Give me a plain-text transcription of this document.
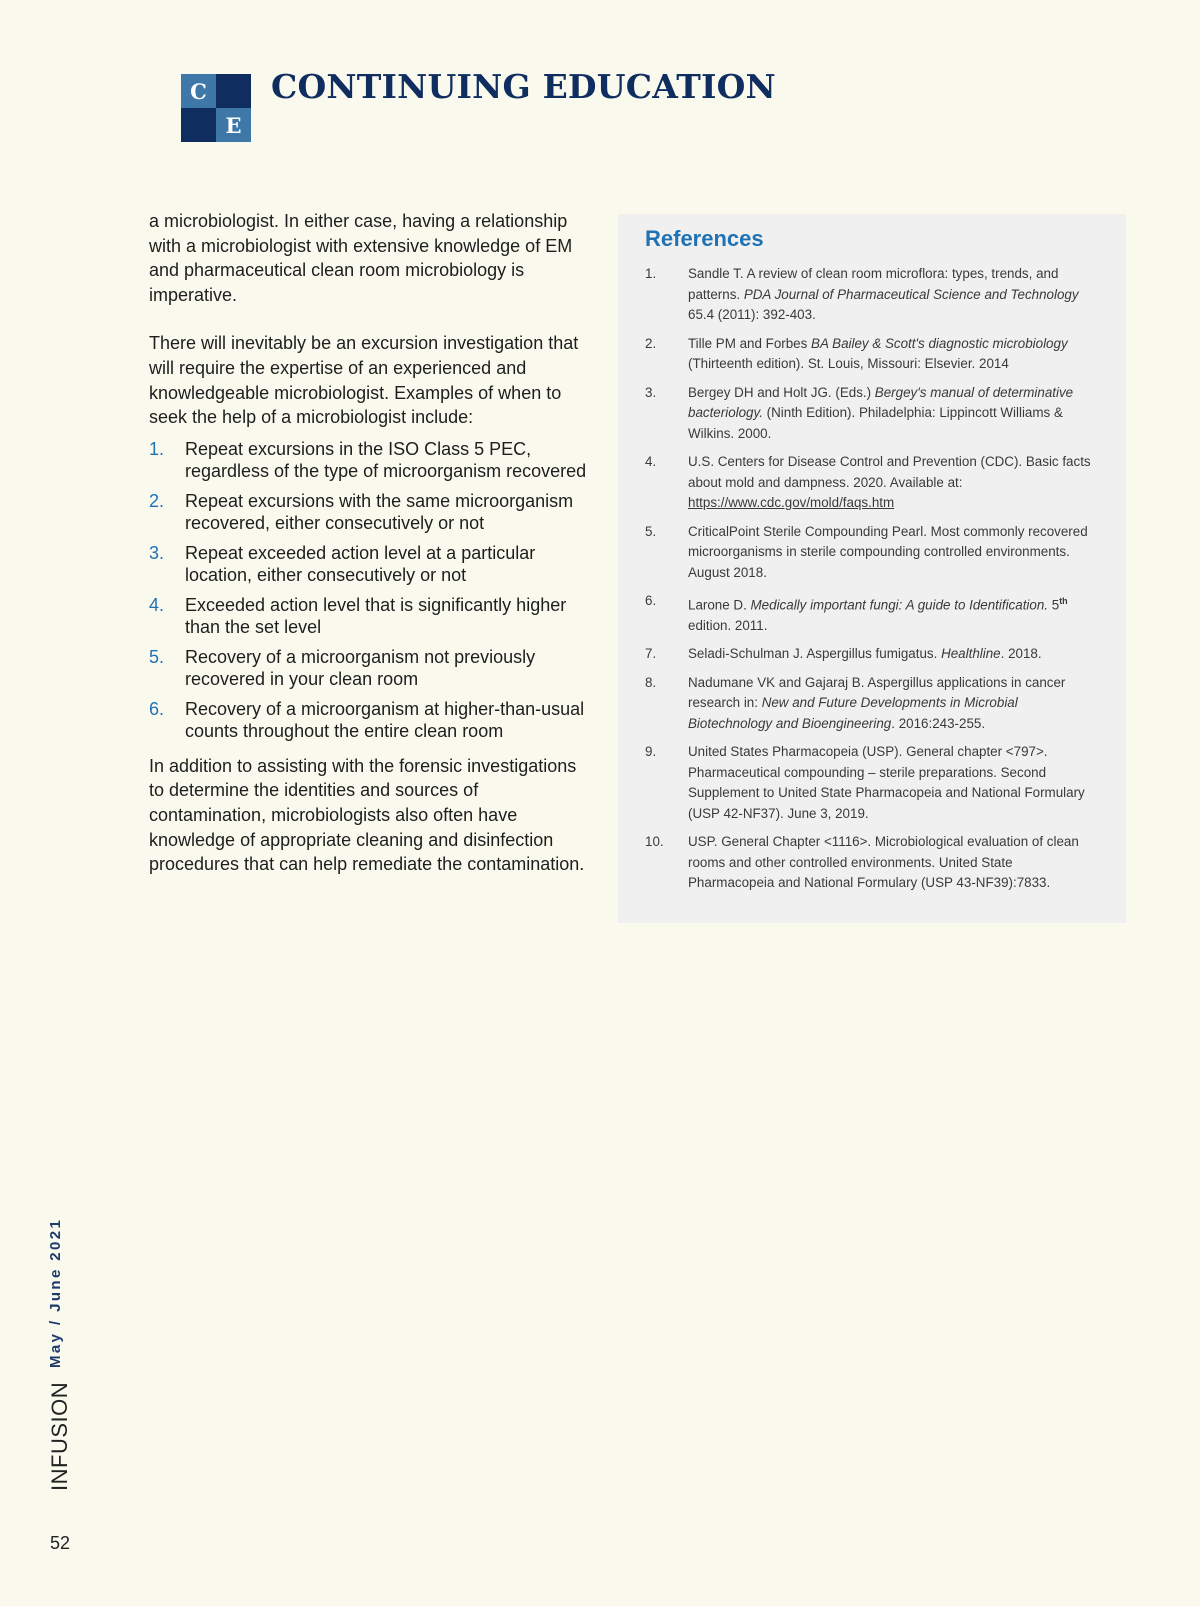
C
E
CONTINUING EDUCATION

a microbiologist. In either case, having a relationship with a microbiologist with extensive knowledge of EM and pharmaceutical clean room microbiology is imperative.

There will inevitably be an excursion investigation that will require the expertise of an experienced and knowledgeable microbiologist. Examples of when to seek the help of a microbiologist include:

1. Repeat excursions in the ISO Class 5 PEC, regardless of the type of microorganism recovered
2. Repeat excursions with the same microorganism recovered, either consecutively or not
3. Repeat exceeded action level at a particular location, either consecutively or not
4. Exceeded action level that is significantly higher than the set level
5. Recovery of a microorganism not previously recovered in your clean room
6. Recovery of a microorganism at higher-than-usual counts throughout the entire clean room

In addition to assisting with the forensic investigations to determine the identities and sources of contamination, microbiologists also often have knowledge of appropriate cleaning and disinfection procedures that can help remediate the contamination.

References
1. Sandle T. A review of clean room microflora: types, trends, and patterns. PDA Journal of Pharmaceutical Science and Technology 65.4 (2011): 392-403.
2. Tille PM and Forbes BA Bailey & Scott's diagnostic microbiology (Thirteenth edition). St. Louis, Missouri: Elsevier. 2014
3. Bergey DH and Holt JG. (Eds.) Bergey's manual of determinative bacteriology. (Ninth Edition). Philadelphia: Lippincott Williams & Wilkins. 2000.
4. U.S. Centers for Disease Control and Prevention (CDC). Basic facts about mold and dampness. 2020. Available at: https://www.cdc.gov/mold/faqs.htm
5. CriticalPoint Sterile Compounding Pearl. Most commonly recovered microorganisms in sterile compounding controlled environments. August 2018.
6. Larone D. Medically important fungi: A guide to Identification. 5th edition. 2011.
7. Seladi-Schulman J. Aspergillus fumigatus. Healthline. 2018.
8. Nadumane VK and Gajaraj B. Aspergillus applications in cancer research in: New and Future Developments in Microbial Biotechnology and Bioengineering. 2016:243-255.
9. United States Pharmacopeia (USP). General chapter <797>. Pharmaceutical compounding – sterile preparations. Second Supplement to United State Pharmacopeia and National Formulary (USP 42-NF37). June 3, 2019.
10. USP. General Chapter <1116>. Microbiological evaluation of clean rooms and other controlled environments. United State Pharmacopeia and National Formulary (USP 43-NF39):7833.
May / June 2021
INFUSION
52
